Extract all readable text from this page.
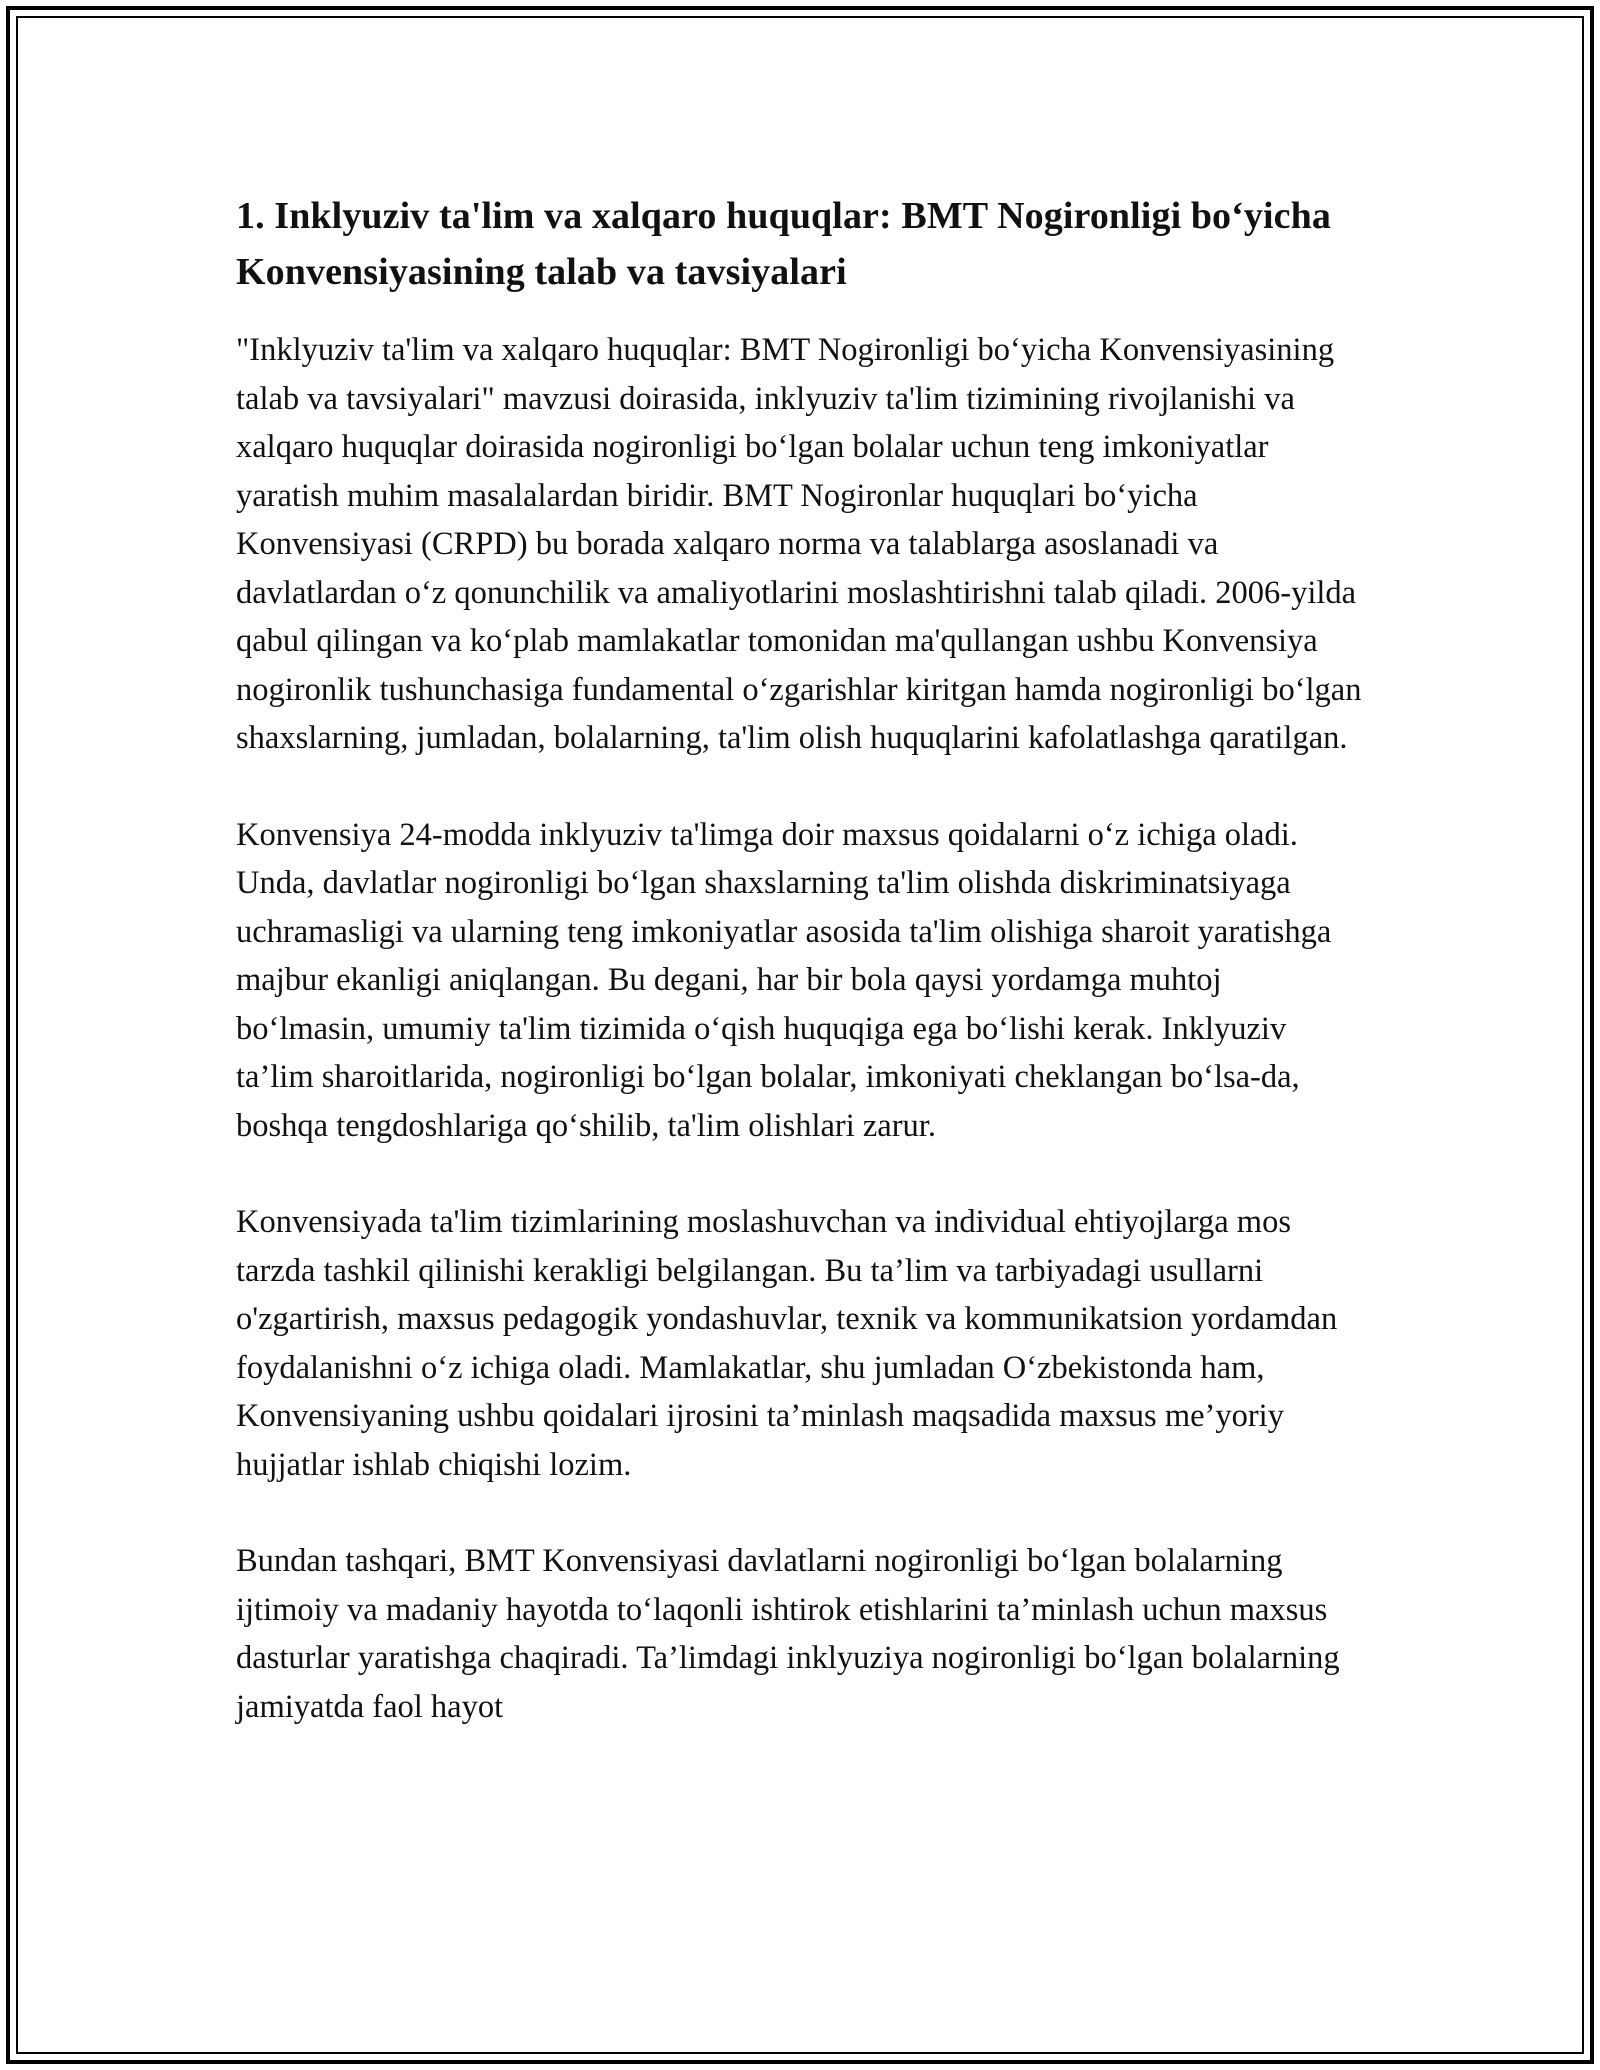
1. Inklyuziv ta'lim va xalqaro huquqlar: BMT Nogironligi bo‘yicha Konvensiyasining talab va tavsiyalari

"Inklyuziv ta'lim va xalqaro huquqlar: BMT Nogironligi bo‘yicha Konvensiyasining talab va tavsiyalari" mavzusi doirasida, inklyuziv ta'lim tizimining rivojlanishi va xalqaro huquqlar doirasida nogironligi bo‘lgan bolalar uchun teng imkoniyatlar yaratish muhim masalalardan biridir. BMT Nogironlar huquqlari bo‘yicha Konvensiyasi (CRPD) bu borada xalqaro norma va talablarga asoslanadi va davlatlardan o‘z qonunchilik va amaliyotlarini moslashtirishni talab qiladi. 2006-yilda qabul qilingan va ko‘plab mamlakatlar tomonidan ma'qullangan ushbu Konvensiya nogironlik tushunchasiga fundamental o‘zgarishlar kiritgan hamda nogironligi bo‘lgan shaxslarning, jumladan, bolalarning, ta'lim olish huquqlarini kafolatlashga qaratilgan.

Konvensiya 24-modda inklyuziv ta'limga doir maxsus qoidalarni o‘z ichiga oladi. Unda, davlatlar nogironligi bo‘lgan shaxslarning ta'lim olishda diskriminatsiyaga uchramasligi va ularning teng imkoniyatlar asosida ta'lim olishiga sharoit yaratishga majbur ekanligi aniqlangan. Bu degani, har bir bola qaysi yordamga muhtoj bo‘lmasin, umumiy ta'lim tizimida o‘qish huquqiga ega bo‘lishi kerak. Inklyuziv ta’lim sharoitlarida, nogironligi bo‘lgan bolalar, imkoniyati cheklangan bo‘lsa-da, boshqa tengdoshlariga qo‘shilib, ta'lim olishlari zarur.

Konvensiyada ta'lim tizimlarining moslashuvchan va individual ehtiyojlarga mos tarzda tashkil qilinishi kerakligi belgilangan. Bu ta’lim va tarbiyadagi usullarni o'zgartirish, maxsus pedagogik yondashuvlar, texnik va kommunikatsion yordamdan foydalanishni o‘z ichiga oladi. Mamlakatlar, shu jumladan O‘zbekistonda ham, Konvensiyaning ushbu qoidalari ijrosini ta’minlash maqsadida maxsus me’yoriy hujjatlar ishlab chiqishi lozim.

Bundan tashqari, BMT Konvensiyasi davlatlarni nogironligi bo‘lgan bolalarning ijtimoiy va madaniy hayotda to‘laqonli ishtirok etishlarini ta’minlash uchun maxsus dasturlar yaratishga chaqiradi. Ta’limdagi inklyuziya nogironligi bo‘lgan bolalarning jamiyatda faol hayot
